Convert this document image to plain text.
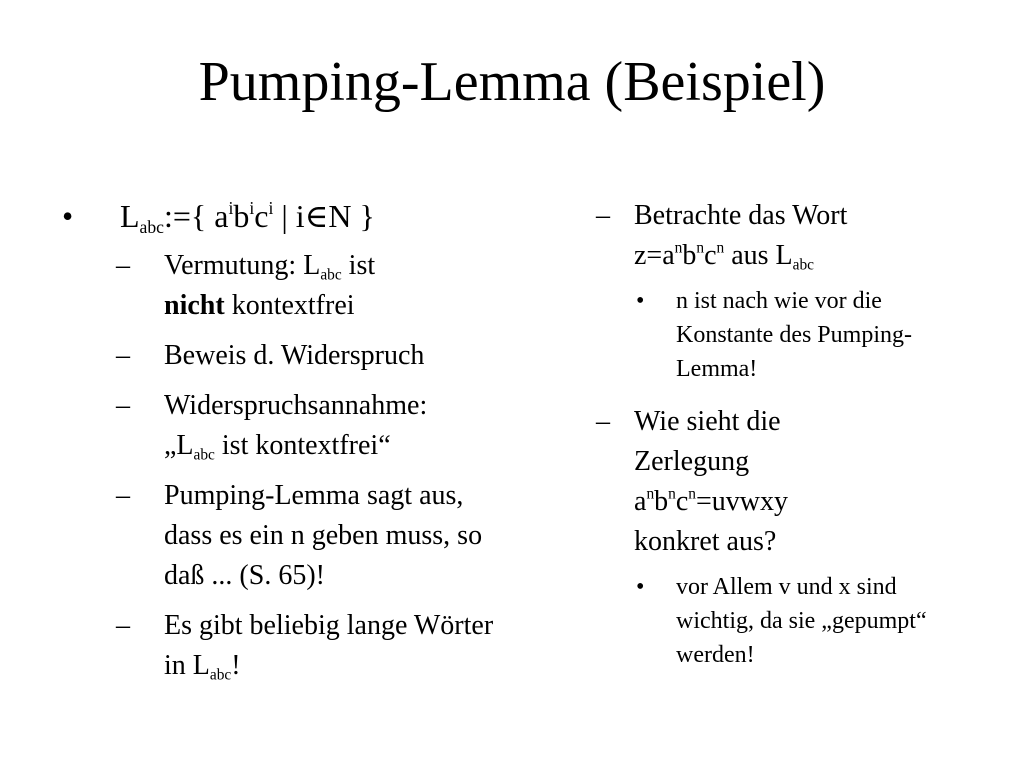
Pumping-Lemma (Beispiel)
• $L_{abc}:=${ $a^ib^ic^i$ | i∈N }
– Vermutung: $L_{abc}$ ist
nicht kontextfrei
– Beweis d. Widerspruch
– Widerspruchsannahme:
$„L_{abc}$ ist kontextfrei“
– Pumping-Lemma sagt aus, dass es ein n geben muss, so daß ... (S. 65)!
– Es gibt beliebig lange Wörter in $L_{abc}$!
– Betrachte das Wort
$z=a^nb^nc^n$ aus $L_{abc}$
• n ist nach wie vor die Konstante des Pumping-Lemma!
– Wie sieht die Zerlegung
$a^nb^nc^n=uvwxy$
konkret aus?
• vor Allem v und x sind wichtig, da sie „gepumpt“ werden!
